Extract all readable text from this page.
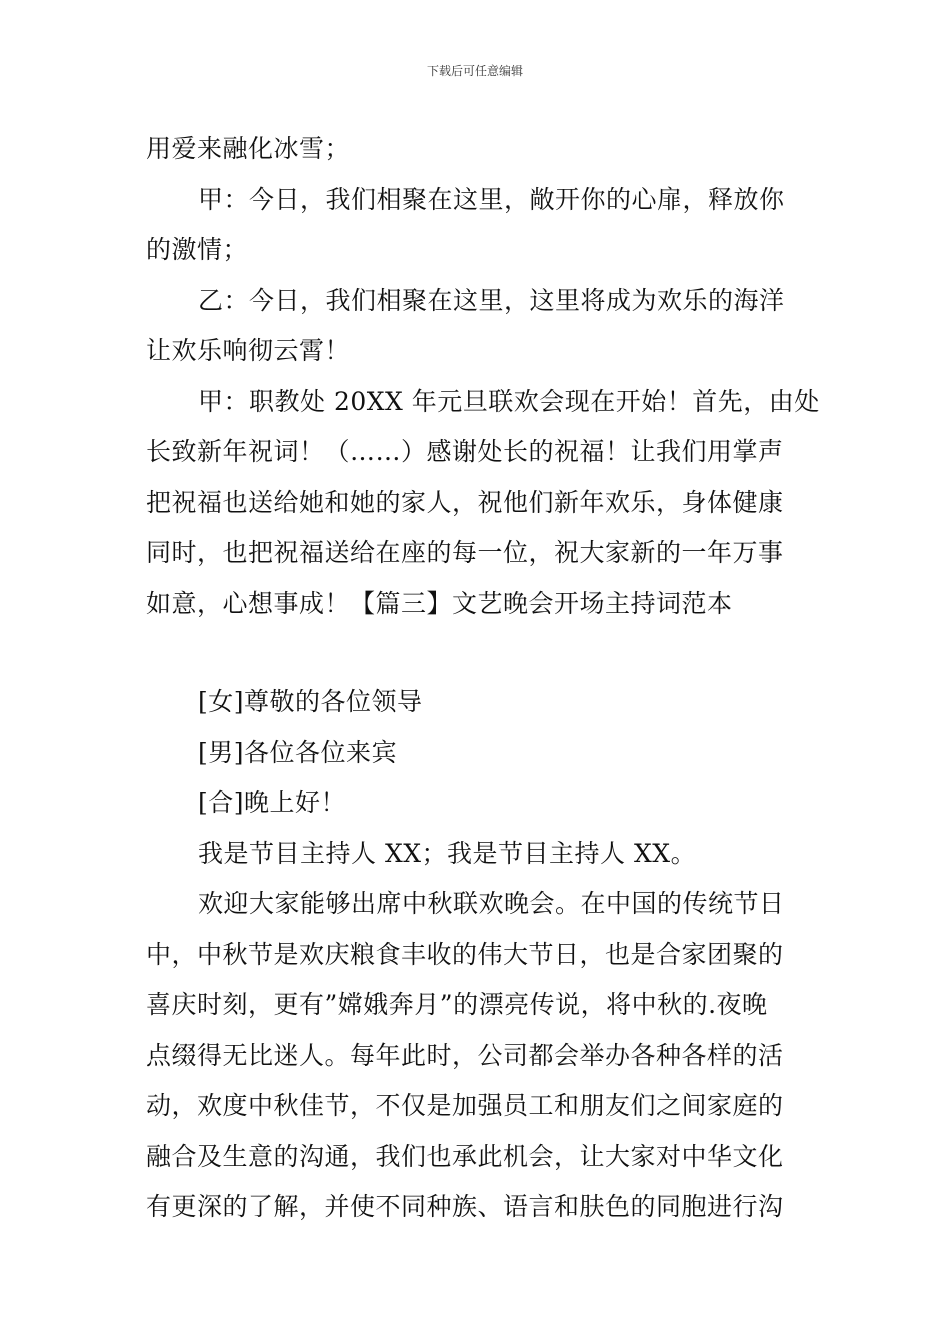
下载后可任意编辑

用爱来融化冰雪；

甲：今日，我们相聚在这里，敞开你的心扉，释放你

的激情；

乙：今日，我们相聚在这里，这里将成为欢乐的海洋

让欢乐响彻云霄！

甲：职教处 20XX 年元旦联欢会现在开始！首先，由处

长致新年祝词！（……）感谢处长的祝福！让我们用掌声

把祝福也送给她和她的家人，祝他们新年欢乐，身体健康

同时，也把祝福送给在座的每一位，祝大家新的一年万事

如意，心想事成！【篇三】文艺晚会开场主持词范本

[女]尊敬的各位领导

[男]各位各位来宾

[合]晚上好！

我是节目主持人 XX；我是节目主持人 XX。

欢迎大家能够出席中秋联欢晚会。在中国的传统节日

中，中秋节是欢庆粮食丰收的伟大节日，也是合家团聚的

喜庆时刻，更有”嫦娥奔月”的漂亮传说，将中秋的.夜晚

点缀得无比迷人。每年此时，公司都会举办各种各样的活

动，欢度中秋佳节，不仅是加强员工和朋友们之间家庭的

融合及生意的沟通，我们也承此机会，让大家对中华文化

有更深的了解，并使不同种族、语言和肤色的同胞进行沟
